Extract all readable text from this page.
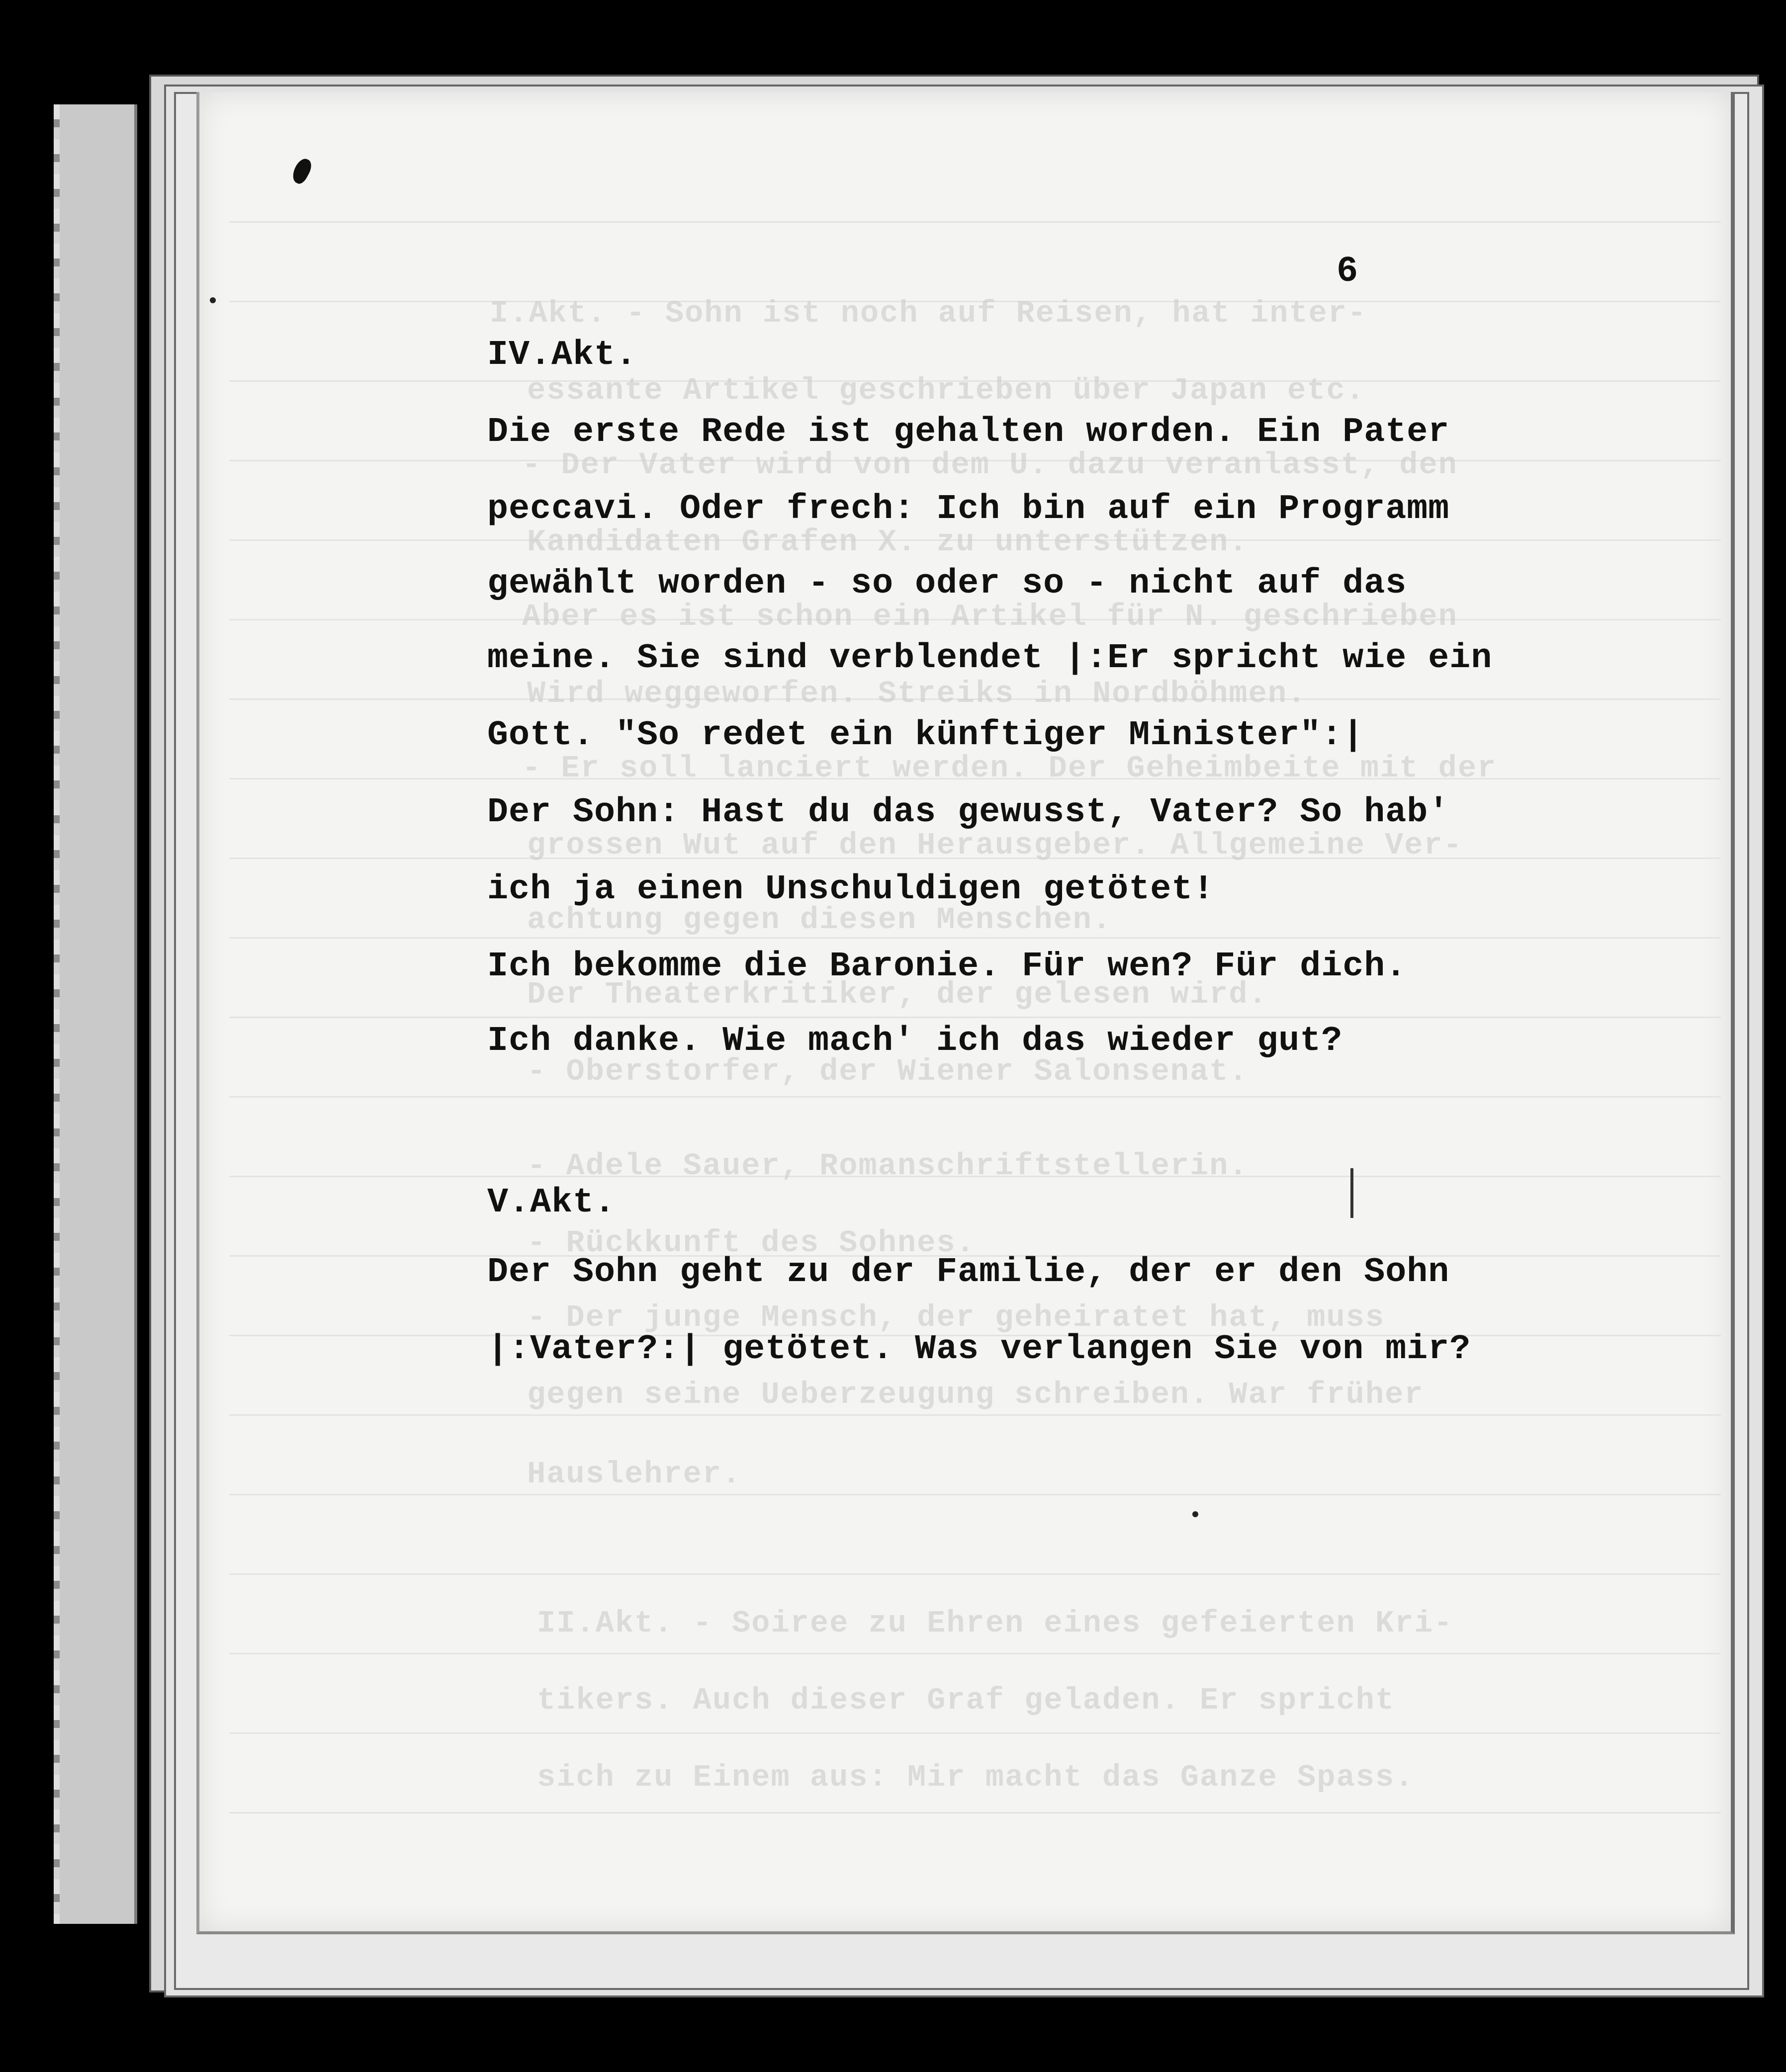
I.Akt. - Sohn ist noch auf Reisen, hat inter-
essante Artikel geschrieben über Japan etc.
- Der Vater wird von dem U. dazu veranlasst, den
Kandidaten Grafen X. zu unterstützen.
Aber es ist schon ein Artikel für N. geschrieben
Wird weggeworfen. Streiks in Nordböhmen.
- Er soll lanciert werden. Der Geheimbeite mit der
grossen Wut auf den Herausgeber. Allgemeine Ver-
achtung gegen diesen Menschen.
Der Theaterkritiker, der gelesen wird.
- Oberstorfer, der Wiener Salonsenat.
- Adele Sauer, Romanschriftstellerin.
- Rückkunft des Sohnes.
- Der junge Mensch, der geheiratet hat, muss
gegen seine Ueberzeugung schreiben. War früher
Hauslehrer.
II.Akt. - Soiree zu Ehren eines gefeierten Kri-
tikers. Auch dieser Graf geladen. Er spricht
sich zu Einem aus: Mir macht das Ganze Spass.
6
IV.Akt.
Die erste Rede ist gehalten worden. Ein Pater
peccavi. Oder frech: Ich bin auf ein Programm
gewählt worden - so oder so - nicht auf das
meine. Sie sind verblendet |:Er spricht wie ein
Gott. "So redet ein künftiger Minister":|
Der Sohn: Hast du das gewusst, Vater? So hab'
ich ja einen Unschuldigen getötet!
Ich bekomme die Baronie. Für wen? Für dich.
Ich danke. Wie mach' ich das wieder gut?
V.Akt.
Der Sohn geht zu der Familie, der er den Sohn
|:Vater?:| getötet. Was verlangen Sie von mir?
